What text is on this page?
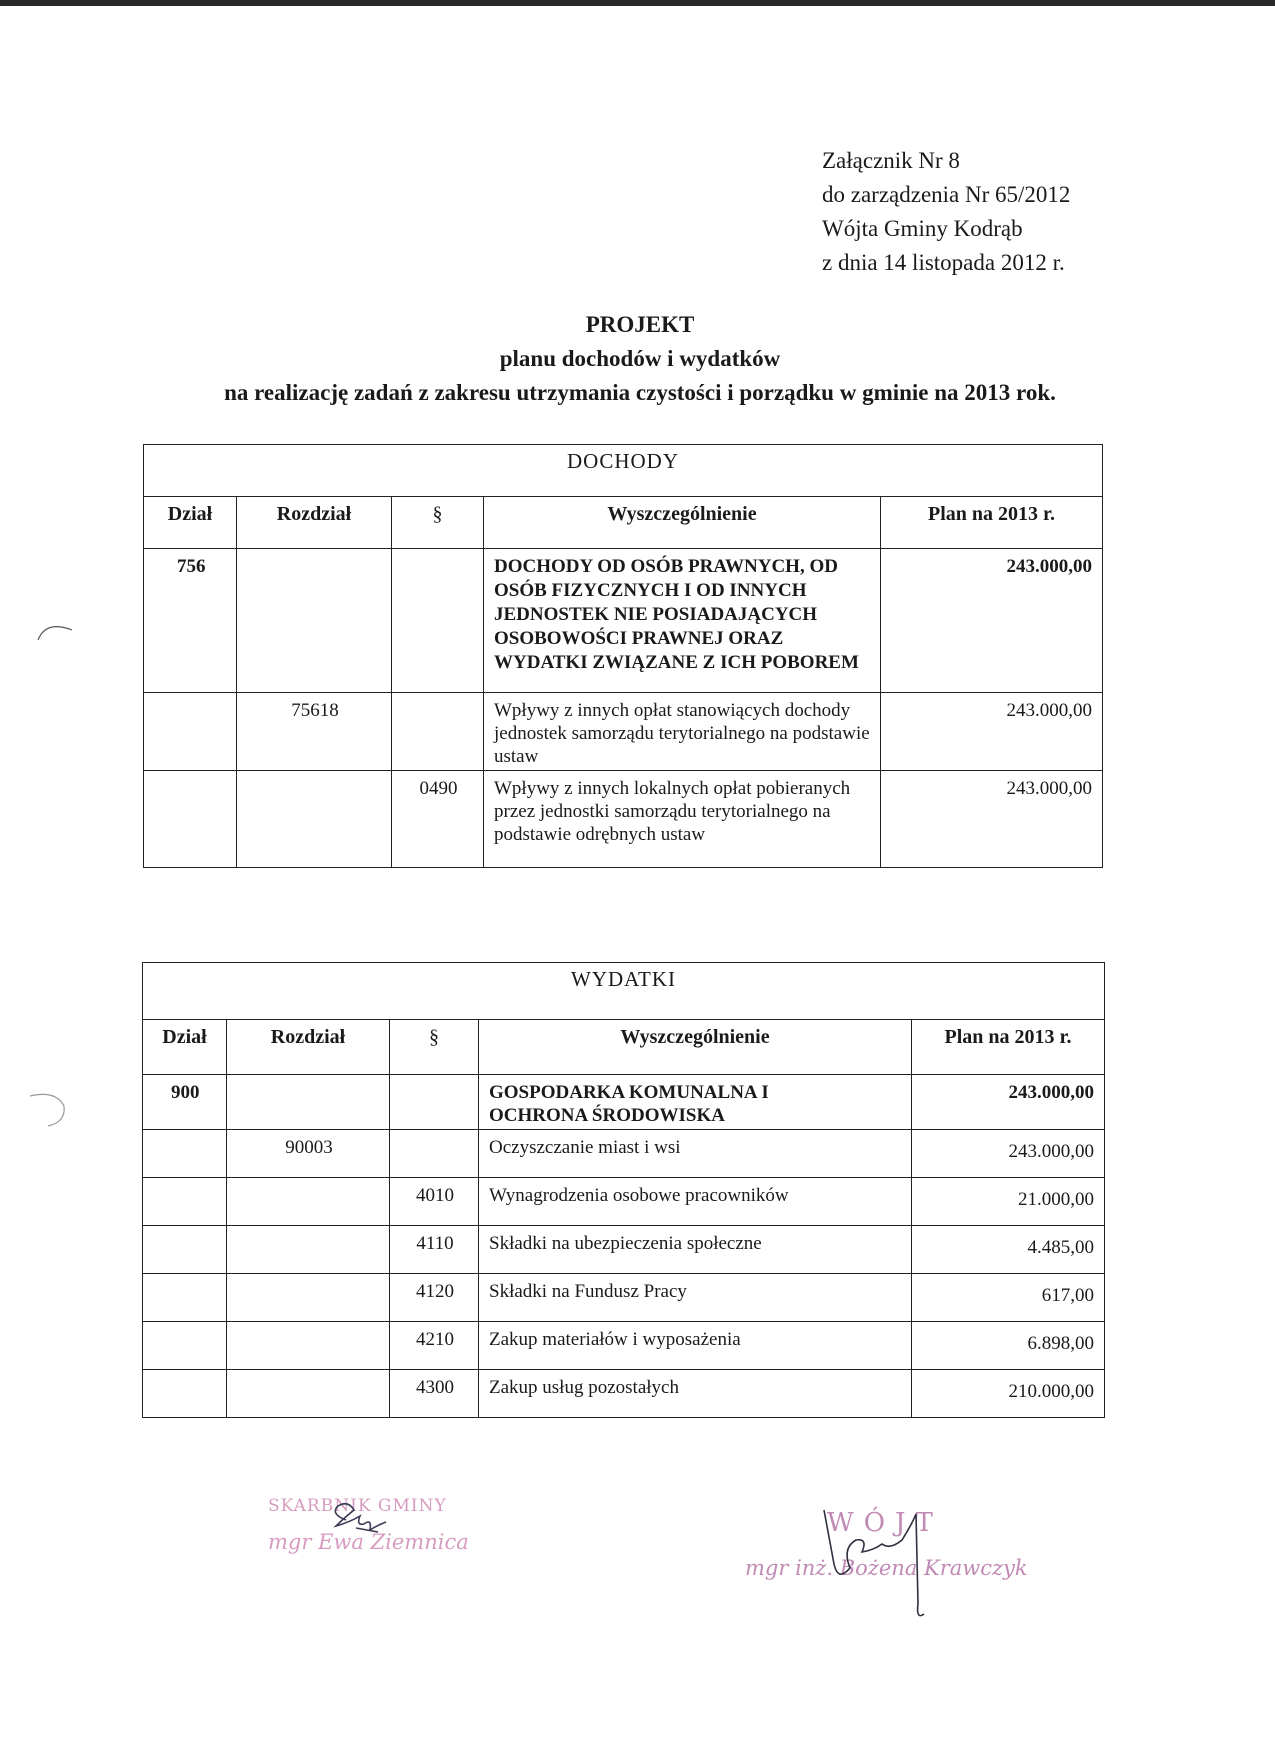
Załącznik Nr 8
do zarządzenia Nr 65/2012
Wójta Gminy Kodrąb
z dnia 14 listopada 2012 r.
PROJEKT
planu dochodów i wydatków
na realizację zadań z zakresu utrzymania czystości i porządku w gminie na 2013 rok.
DOCHODY				
Dział	Rozdział	§	Wyszczególnienie	Plan na 2013 r.
756			DOCHODY OD OSÓB PRAWNYCH, OD OSÓB FIZYCZNYCH I OD INNYCH JEDNOSTEK NIE POSIADAJĄCYCH OSOBOWOŚCI PRAWNEJ ORAZ WYDATKI ZWIĄZANE Z ICH POBOREM	243.000,00
	75618		Wpływy z innych opłat stanowiących dochody jednostek samorządu terytorialnego na podstawie ustaw	243.000,00
		0490	Wpływy z innych lokalnych opłat pobieranych przez jednostki samorządu terytorialnego na podstawie odrębnych ustaw	243.000,00
WYDATKI				
Dział	Rozdział	§	Wyszczególnienie	Plan na 2013 r.
900			GOSPODARKA KOMUNALNA I OCHRONA ŚRODOWISKA	243.000,00
	90003		Oczyszczanie miast i wsi	243.000,00
		4010	Wynagrodzenia osobowe pracowników	21.000,00
		4110	Składki na ubezpieczenia społeczne	4.485,00
		4120	Składki na Fundusz Pracy	617,00
		4210	Zakup materiałów i wyposażenia	6.898,00
		4300	Zakup usług pozostałych	210.000,00
SKARBNIK GMINY
mgr Ewa Ziemnica
WÓJT
mgr inż. Bożena Krawczyk
